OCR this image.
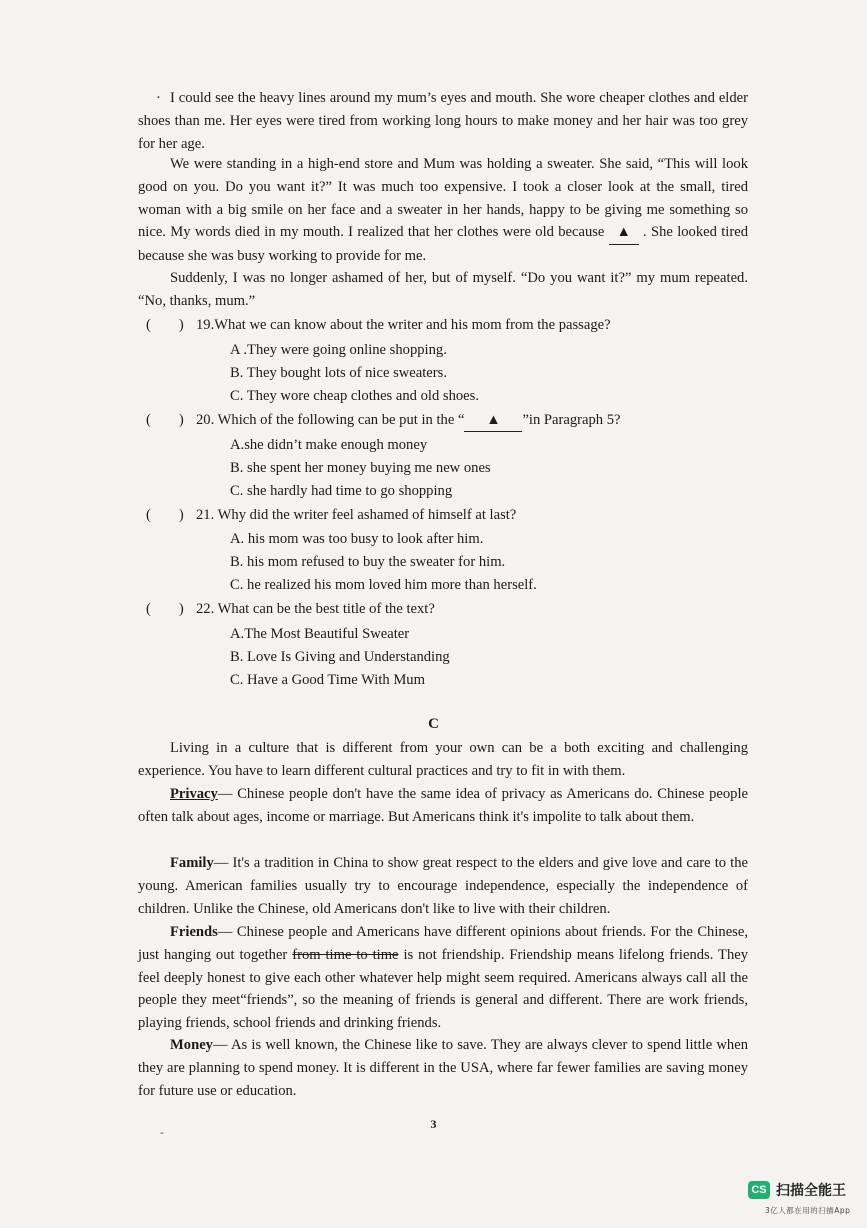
· I could see the heavy lines around my mum’s eyes and mouth. She wore cheaper clothes and elder shoes than me. Her eyes were tired from working long hours to make money and her hair was too grey for her age.

We were standing in a high-end store and Mum was holding a sweater. She said, “This will look good on you. Do you want it?” It was much too expensive. I took a closer look at the small, tired woman with a big smile on her face and a sweater in her hands, happy to be giving me something so nice. My words died in my mouth. I realized that her clothes were old because ▲ . She looked tired because she was busy working to provide for me.

Suddenly, I was no longer ashamed of her, but of myself. “Do you want it?” my mum repeated. “No, thanks, mum.”

( ) 19.What we can know about the writer and his mom from the passage?
A .They were going online shopping.
B. They bought lots of nice sweaters.
C. They wore cheap clothes and old shoes.
( ) 20. Which of the following can be put in the “ ▲ ”in Paragraph 5?
A.she didn’t make enough money
B. she spent her money buying me new ones
C. she hardly had time to go shopping
( ) 21. Why did the writer feel ashamed of himself at last?
A. his mom was too busy to look after him.
B. his mom refused to buy the sweater for him.
C. he realized his mom loved him more than herself.
( ) 22. What can be the best title of the text?
A.The Most Beautiful Sweater
B. Love Is Giving and Understanding
C. Have a Good Time With Mum
C

Living in a culture that is different from your own can be a both exciting and challenging experience. You have to learn different cultural practices and try to fit in with them.

Privacy— Chinese people don't have the same idea of privacy as Americans do. Chinese people often talk about ages, income or marriage. But Americans think it's impolite to talk about them.

Family— It's a tradition in China to show great respect to the elders and give love and care to the young. American families usually try to encourage independence, especially the independence of children. Unlike the Chinese, old Americans don't like to live with their children.

Friends— Chinese people and Americans have different opinions about friends. For the Chinese, just hanging out together from time to time is not friendship. Friendship means lifelong friends. They feel deeply honest to give each other whatever help might seem required. Americans always call all the people they meet“friends”, so the meaning of friends is general and different. There are work friends, playing friends, school friends and drinking friends.

Money— As is well known, the Chinese like to save. They are always clever to spend little when they are planning to spend money. It is different in the USA, where far fewer families are saving money for future use or education.

-
3
CS 扫描全能王
3亿人都在用的扫描App
